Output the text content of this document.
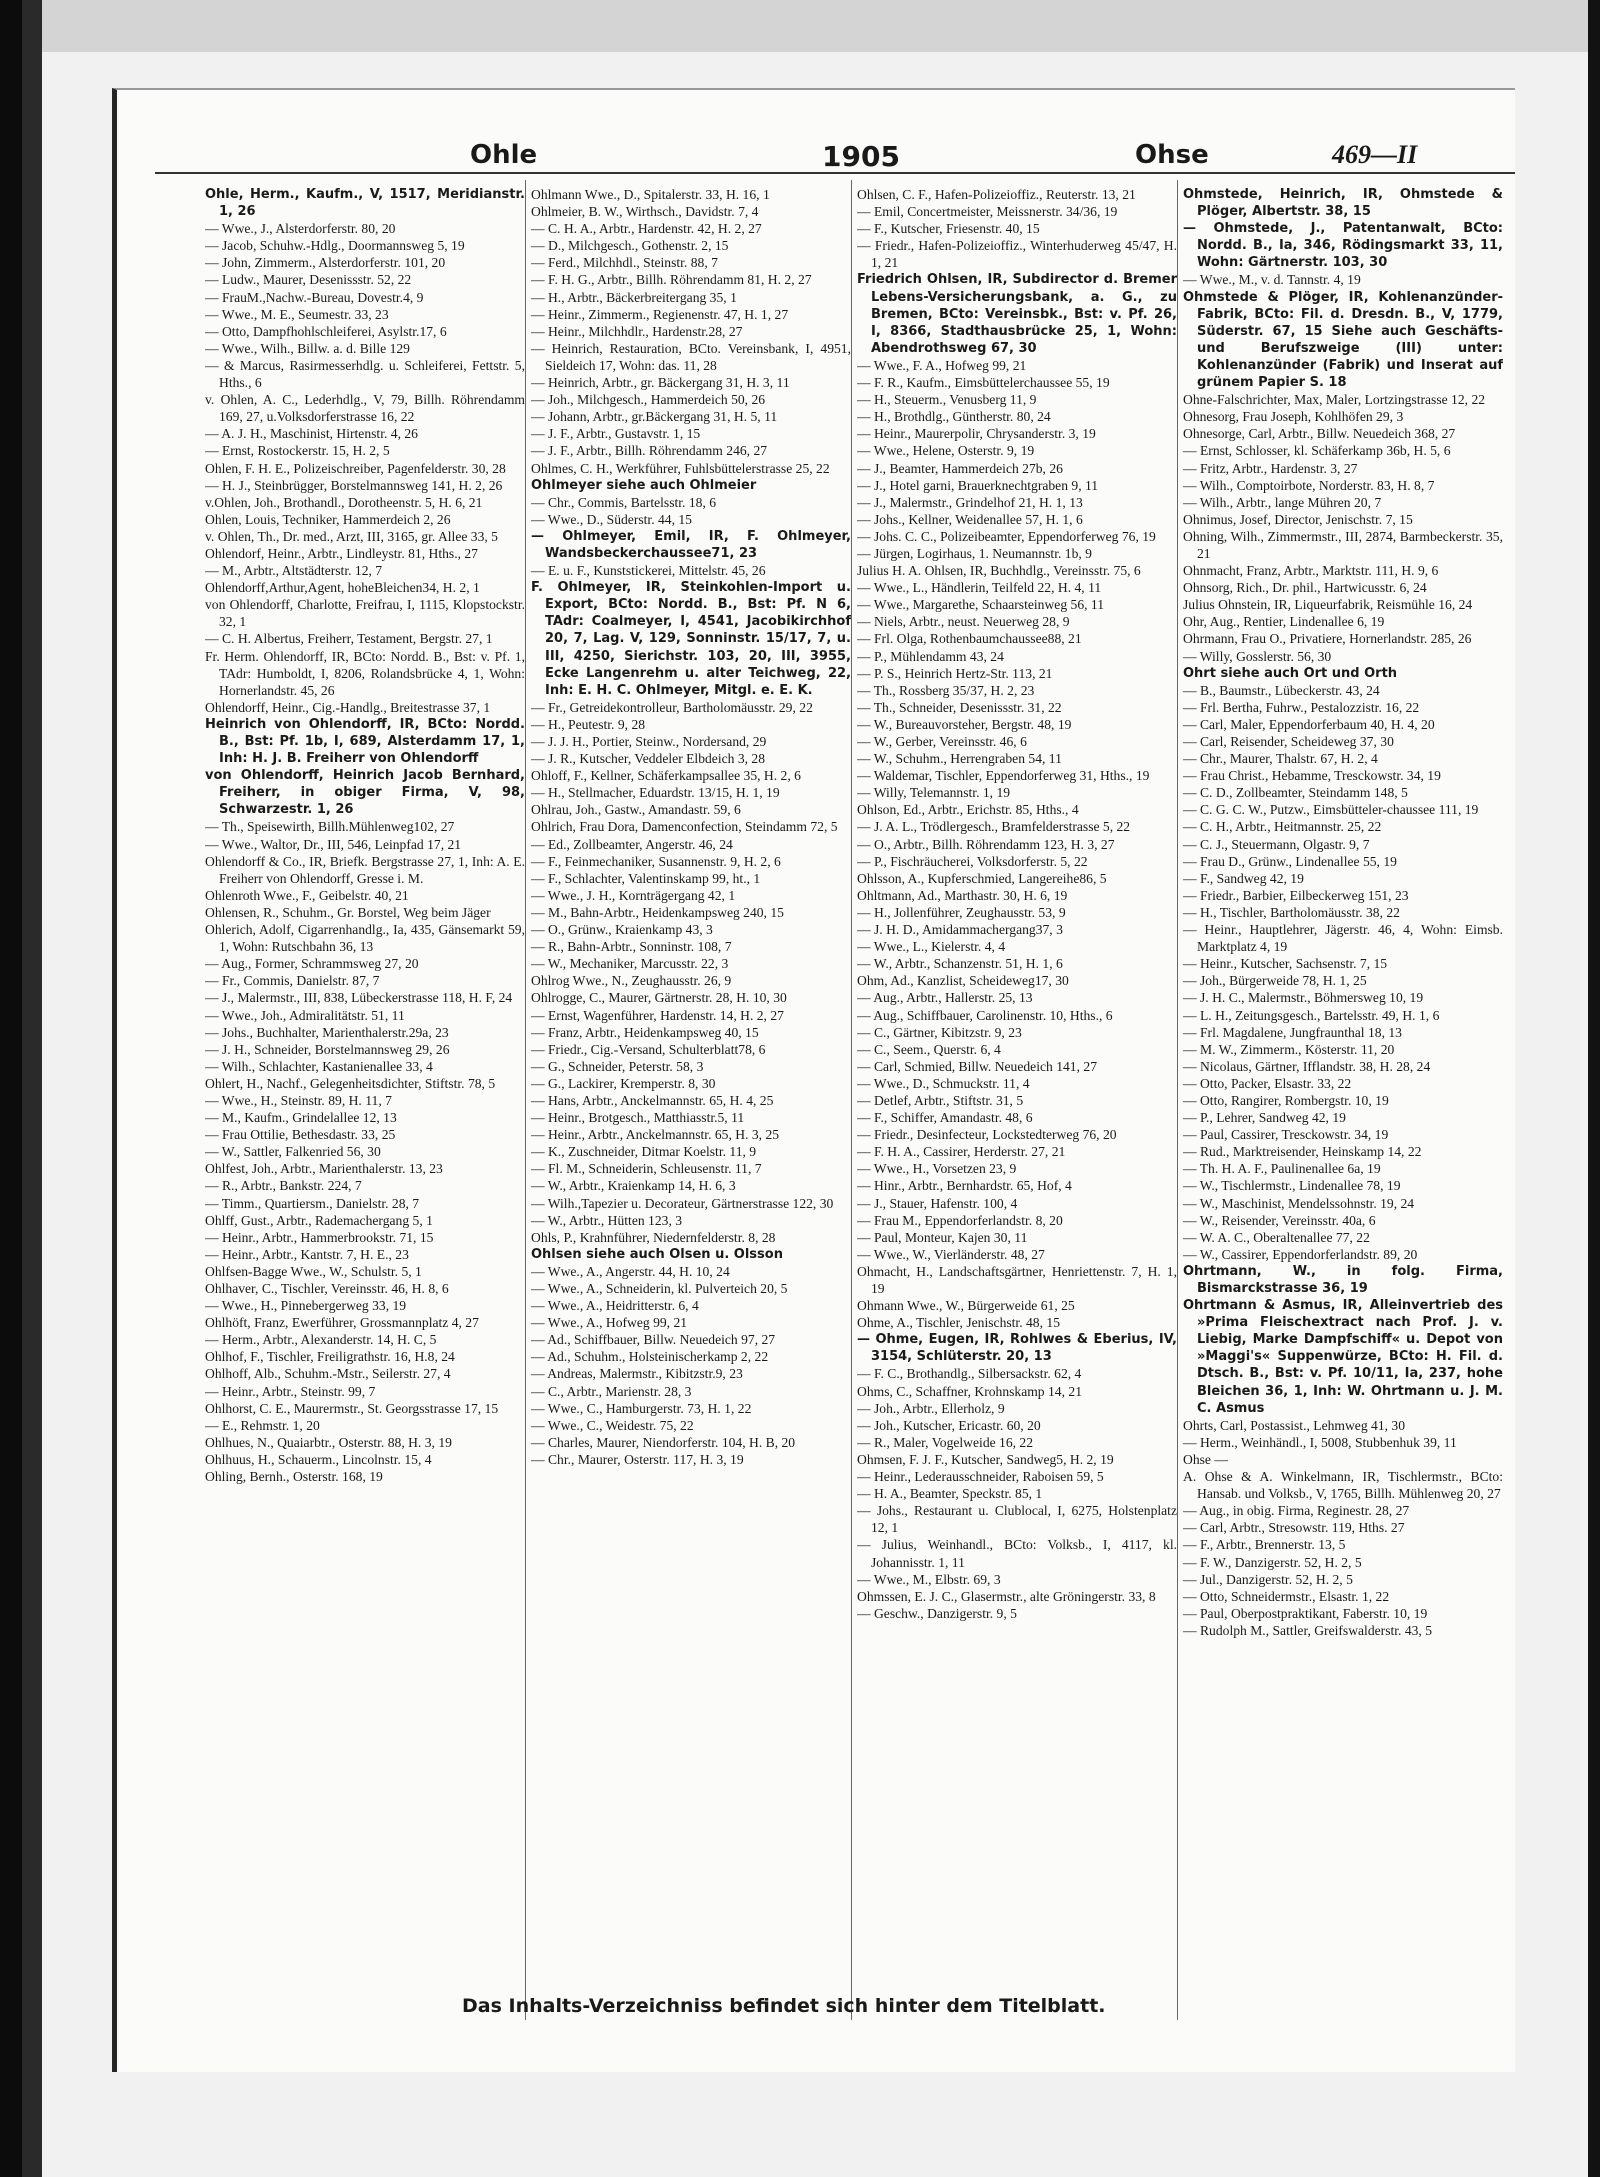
Ohle	1905	Ohse	469—II

Ohle, Herm., Kaufm., V, 1517, Meridianstr. 1, 26

— Wwe., J., Alsterdorferstr. 80, 20

— Jacob, Schuhw.-Hdlg., Doormannsweg 5, 19

— John, Zimmerm., Alsterdorferstr. 101, 20

— Ludw., Maurer, Desenissstr. 52, 22

— FrauM.,Nachw.-Bureau, Dovestr.4, 9

— Wwe., M. E., Seumestr. 33, 23

— Otto, Dampfhohlschleiferei, Asylstr.17, 6

— Wwe., Wilh., Billw. a. d. Bille 129

— & Marcus, Rasirmesserhdlg. u. Schleiferei, Fettstr. 5, Hths., 6

v. Ohlen, A. C., Lederhdlg., V, 79, Billh. Röhrendamm 169, 27, u.Volksdorferstrasse 16, 22

— A. J. H., Maschinist, Hirtenstr. 4, 26

— Ernst, Rostockerstr. 15, H. 2, 5

Ohlen, F. H. E., Polizeischreiber, Pagenfelderstr. 30, 28

— H. J., Steinbrügger, Borstelmannsweg 141, H. 2, 26

v.Ohlen, Joh., Brothandl., Dorotheenstr. 5, H. 6, 21

Ohlen, Louis, Techniker, Hammerdeich 2, 26

v. Ohlen, Th., Dr. med., Arzt, III, 3165, gr. Allee 33, 5

Ohlendorf, Heinr., Arbtr., Lindleystr. 81, Hths., 27

— M., Arbtr., Altstädterstr. 12, 7

Ohlendorff,Arthur,Agent, hoheBleichen34, H. 2, 1

von Ohlendorff, Charlotte, Freifrau, I, 1115, Klopstockstr. 32, 1

— C. H. Albertus, Freiherr, Testament, Bergstr. 27, 1

Fr. Herm. Ohlendorff, IR, BCto: Nordd. B., Bst: v. Pf. 1, TAdr: Humboldt, I, 8206, Rolandsbrücke 4, 1, Wohn: Hornerlandstr. 45, 26

Ohlendorff, Heinr., Cig.-Handlg., Breitestrasse 37, 1

Heinrich von Ohlendorff, IR, BCto: Nordd. B., Bst: Pf. 1b, I, 689, Alsterdamm 17, 1, Inh: H. J. B. Freiherr von Ohlendorff

von Ohlendorff, Heinrich Jacob Bernhard, Freiherr, in obiger Firma, V, 98, Schwarzestr. 1, 26

— Th., Speisewirth, Billh.Mühlenweg102, 27

— Wwe., Waltor, Dr., III, 546, Leinpfad 17, 21

Ohlendorff & Co., IR, Briefk. Bergstrasse 27, 1, Inh: A. E. Freiherr von Ohlendorff, Gresse i. M.

Ohlenroth Wwe., F., Geibelstr. 40, 21

Ohlensen, R., Schuhm., Gr. Borstel, Weg beim Jäger

Ohlerich, Adolf, Cigarrenhandlg., Ia, 435, Gänsemarkt 59, 1, Wohn: Rutschbahn 36, 13

— Aug., Former, Schrammsweg 27, 20

— Fr., Commis, Danielstr. 87, 7

— J., Malermstr., III, 838, Lübeckerstrasse 118, H. F, 24

— Wwe., Joh., Admiralitätstr. 51, 11

— Johs., Buchhalter, Marienthalerstr.29a, 23

— J. H., Schneider, Borstelmannsweg 29, 26

— Wilh., Schlachter, Kastanienallee 33, 4

Ohlert, H., Nachf., Gelegenheitsdichter, Stiftstr. 78, 5

— Wwe., H., Steinstr. 89, H. 11, 7

— M., Kaufm., Grindelallee 12, 13

— Frau Ottilie, Bethesdastr. 33, 25

— W., Sattler, Falkenried 56, 30

Ohlfest, Joh., Arbtr., Marienthalerstr. 13, 23

— R., Arbtr., Bankstr. 224, 7

— Timm., Quartiersm., Danielstr. 28, 7

Ohlff, Gust., Arbtr., Rademachergang 5, 1

— Heinr., Arbtr., Hammerbrookstr. 71, 15

— Heinr., Arbtr., Kantstr. 7, H. E., 23

Ohlfsen-Bagge Wwe., W., Schulstr. 5, 1

Ohlhaver, C., Tischler, Vereinsstr. 46, H. 8, 6

— Wwe., H., Pinnebergerweg 33, 19

Ohlhöft, Franz, Ewerführer, Grossmannplatz 4, 27

— Herm., Arbtr., Alexanderstr. 14, H. C, 5

Ohlhof, F., Tischler, Freiligrathstr. 16, H.8, 24

Ohlhoff, Alb., Schuhm.-Mstr., Seilerstr. 27, 4

— Heinr., Arbtr., Steinstr. 99, 7

Ohlhorst, C. E., Maurermstr., St. Georgsstrasse 17, 15

— E., Rehmstr. 1, 20

Ohlhues, N., Quaiarbtr., Osterstr. 88, H. 3, 19

Ohlhuus, H., Schauerm., Lincolnstr. 15, 4

Ohling, Bernh., Osterstr. 168, 19

Ohlmann Wwe., D., Spitalerstr. 33, H. 16, 1

Ohlmeier, B. W., Wirthsch., Davidstr. 7, 4

— C. H. A., Arbtr., Hardenstr. 42, H. 2, 27

— D., Milchgesch., Gothenstr. 2, 15

— Ferd., Milchhdl., Steinstr. 88, 7

— F. H. G., Arbtr., Billh. Röhrendamm 81, H. 2, 27

— H., Arbtr., Bäckerbreitergang 35, 1

— Heinr., Zimmerm., Regienenstr. 47, H. 1, 27

— Heinr., Milchhdlr., Hardenstr.28, 27

— Heinrich, Restauration, BCto. Vereinsbank, I, 4951, Sieldeich 17, Wohn: das. 11, 28

— Heinrich, Arbtr., gr. Bäckergang 31, H. 3, 11

— Joh., Milchgesch., Hammerdeich 50, 26

— Johann, Arbtr., gr.Bäckergang 31, H. 5, 11

— J. F., Arbtr., Gustavstr. 1, 15

— J. F., Arbtr., Billh. Röhrendamm 246, 27

Ohlmes, C. H., Werkführer, Fuhlsbüttelerstrasse 25, 22

Ohlmeyer siehe auch Ohlmeier

— Chr., Commis, Bartelsstr. 18, 6

— Wwe., D., Süderstr. 44, 15

— Ohlmeyer, Emil, IR, F. Ohlmeyer, Wandsbeckerchaussee71, 23

— E. u. F., Kunststickerei, Mittelstr. 45, 26

F. Ohlmeyer, IR, Steinkohlen-Import u. Export, BCto: Nordd. B., Bst: Pf. N 6, TAdr: Coalmeyer, I, 4541, Jacobikirchhof 20, 7, Lag. V, 129, Sonninstr. 15/17, 7, u. III, 4250, Sierichstr. 103, 20, III, 3955, Ecke Langenrehm u. alter Teichweg, 22, Inh: E. H. C. Ohlmeyer, Mitgl. e. E. K.

— Fr., Getreidekontrolleur, Bartholomäusstr. 29, 22

— H., Peutestr. 9, 28

— J. J. H., Portier, Steinw., Nordersand, 29

— J. R., Kutscher, Veddeler Elbdeich 3, 28

Ohloff, F., Kellner, Schäferkampsallee 35, H. 2, 6

— H., Stellmacher, Eduardstr. 13/15, H. 1, 19

Ohlrau, Joh., Gastw., Amandastr. 59, 6

Ohlrich, Frau Dora, Damenconfection, Steindamm 72, 5

— Ed., Zollbeamter, Angerstr. 46, 24

— F., Feinmechaniker, Susannenstr. 9, H. 2, 6

— F., Schlachter, Valentinskamp 99, ht., 1

— Wwe., J. H., Kornträgergang 42, 1

— M., Bahn-Arbtr., Heidenkampsweg 240, 15

— O., Grünw., Kraienkamp 43, 3

— R., Bahn-Arbtr., Sonninstr. 108, 7

— W., Mechaniker, Marcusstr. 22, 3

Ohlrog Wwe., N., Zeughausstr. 26, 9

Ohlrogge, C., Maurer, Gärtnerstr. 28, H. 10, 30

— Ernst, Wagenführer, Hardenstr. 14, H. 2, 27

— Franz, Arbtr., Heidenkampsweg 40, 15

— Friedr., Cig.-Versand, Schulterblatt78, 6

— G., Schneider, Peterstr. 58, 3

— G., Lackirer, Kremperstr. 8, 30

— Hans, Arbtr., Anckelmannstr. 65, H. 4, 25

— Heinr., Brotgesch., Matthiasstr.5, 11

— Heinr., Arbtr., Anckelmannstr. 65, H. 3, 25

— K., Zuschneider, Ditmar Koelstr. 11, 9

— Fl. M., Schneiderin, Schleusenstr. 11, 7

— W., Arbtr., Kraienkamp 14, H. 6, 3

— Wilh.,Tapezier u. Decorateur, Gärtnerstrasse 122, 30

— W., Arbtr., Hütten 123, 3

Ohls, P., Krahnführer, Niedernfelderstr. 8, 28

Ohlsen siehe auch Olsen u. Olsson

— Wwe., A., Angerstr. 44, H. 10, 24

— Wwe., A., Schneiderin, kl. Pulverteich 20, 5

— Wwe., A., Heidritterstr. 6, 4

— Wwe., A., Hofweg 99, 21

— Ad., Schiffbauer, Billw. Neuedeich 97, 27

— Ad., Schuhm., Holsteinischerkamp 2, 22

— Andreas, Malermstr., Kibitzstr.9, 23

— C., Arbtr., Marienstr. 28, 3

— Wwe., C., Hamburgerstr. 73, H. 1, 22

— Wwe., C., Weidestr. 75, 22

— Charles, Maurer, Niendorferstr. 104, H. B, 20

— Chr., Maurer, Osterstr. 117, H. 3, 19

Ohlsen, C. F., Hafen-Polizeioffiz., Reuterstr. 13, 21

— Emil, Concertmeister, Meissnerstr. 34/36, 19

— F., Kutscher, Friesenstr. 40, 15

— Friedr., Hafen-Polizeioffiz., Winterhuderweg 45/47, H. 1, 21

Friedrich Ohlsen, IR, Subdirector d. Bremer Lebens-Versicherungsbank, a. G., zu Bremen, BCto: Vereinsbk., Bst: v. Pf. 26, I, 8366, Stadthausbrücke 25, 1, Wohn: Abendrothsweg 67, 30

— Wwe., F. A., Hofweg 99, 21

— F. R., Kaufm., Eimsbüttelerchaussee 55, 19

— H., Steuerm., Venusberg 11, 9

— H., Brothdlg., Güntherstr. 80, 24

— Heinr., Maurerpolir, Chrysanderstr. 3, 19

— Wwe., Helene, Osterstr. 9, 19

— J., Beamter, Hammerdeich 27b, 26

— J., Hotel garni, Brauerknechtgraben 9, 11

— J., Malermstr., Grindelhof 21, H. 1, 13

— Johs., Kellner, Weidenallee 57, H. 1, 6

— Johs. C. C., Polizeibeamter, Eppendorferweg 76, 19

— Jürgen, Logirhaus, 1. Neumannstr. 1b, 9

Julius H. A. Ohlsen, IR, Buchhdlg., Vereinsstr. 75, 6

— Wwe., L., Händlerin, Teilfeld 22, H. 4, 11

— Wwe., Margarethe, Schaarsteinweg 56, 11

— Niels, Arbtr., neust. Neuerweg 28, 9

— Frl. Olga, Rothenbaumchaussee88, 21

— P., Mühlendamm 43, 24

— P. S., Heinrich Hertz-Str. 113, 21

— Th., Rossberg 35/37, H. 2, 23

— Th., Schneider, Desenissstr. 31, 22

— W., Bureauvorsteher, Bergstr. 48, 19

— W., Gerber, Vereinsstr. 46, 6

— W., Schuhm., Herrengraben 54, 11

— Waldemar, Tischler, Eppendorferweg 31, Hths., 19

— Willy, Telemannstr. 1, 19

Ohlson, Ed., Arbtr., Erichstr. 85, Hths., 4

— J. A. L., Trödlergesch., Bramfelderstrasse 5, 22

— O., Arbtr., Billh. Röhrendamm 123, H. 3, 27

— P., Fischräucherei, Volksdorferstr. 5, 22

Ohlsson, A., Kupferschmied, Langereihe86, 5

Ohltmann, Ad., Marthastr. 30, H. 6, 19

— H., Jollenführer, Zeughausstr. 53, 9

— J. H. D., Amidammachergang37, 3

— Wwe., L., Kielerstr. 4, 4

— W., Arbtr., Schanzenstr. 51, H. 1, 6

Ohm, Ad., Kanzlist, Scheideweg17, 30

— Aug., Arbtr., Hallerstr. 25, 13

— Aug., Schiffbauer, Carolinenstr. 10, Hths., 6

— C., Gärtner, Kibitzstr. 9, 23

— C., Seem., Querstr. 6, 4

— Carl, Schmied, Billw. Neuedeich 141, 27

— Wwe., D., Schmuckstr. 11, 4

— Detlef, Arbtr., Stiftstr. 31, 5

— F., Schiffer, Amandastr. 48, 6

— Friedr., Desinfecteur, Lockstedterweg 76, 20

— F. H. A., Cassirer, Herderstr. 27, 21

— Wwe., H., Vorsetzen 23, 9

— Hinr., Arbtr., Bernhardstr. 65, Hof, 4

— J., Stauer, Hafenstr. 100, 4

— Frau M., Eppendorferlandstr. 8, 20

— Paul, Monteur, Kajen 30, 11

— Wwe., W., Vierländerstr. 48, 27

Ohmacht, H., Landschaftsgärtner, Henriettenstr. 7, H. 1, 19

Ohmann Wwe., W., Bürgerweide 61, 25

Ohme, A., Tischler, Jenischstr. 48, 15

— Ohme, Eugen, IR, Rohlwes & Eberius, IV, 3154, Schlüterstr. 20, 13

— F. C., Brothandlg., Silbersackstr. 62, 4

Ohms, C., Schaffner, Krohnskamp 14, 21

— Joh., Arbtr., Ellerholz, 9

— Joh., Kutscher, Ericastr. 60, 20

— R., Maler, Vogelweide 16, 22

Ohmsen, F. J. F., Kutscher, Sandweg5, H. 2, 19

— Heinr., Lederausschneider, Raboisen 59, 5

— H. A., Beamter, Speckstr. 85, 1

— Johs., Restaurant u. Clublocal, I, 6275, Holstenplatz 12, 1

— Julius, Weinhandl., BCto: Volksb., I, 4117, kl. Johannisstr. 1, 11

— Wwe., M., Elbstr. 69, 3

Ohmssen, E. J. C., Glasermstr., alte Gröningerstr. 33, 8

— Geschw., Danzigerstr. 9, 5

Ohmstede, Heinrich, IR, Ohmstede & Plöger, Albertstr. 38, 15

— Ohmstede, J., Patentanwalt, BCto: Nordd. B., Ia, 346, Rödingsmarkt 33, 11, Wohn: Gärtnerstr. 103, 30

— Wwe., M., v. d. Tannstr. 4, 19

Ohmstede & Plöger, IR, Kohlenanzünder-Fabrik, BCto: Fil. d. Dresdn. B., V, 1779, Süderstr. 67, 15 Siehe auch Geschäfts- und Berufszweige (III) unter: Kohlenanzünder (Fabrik) und Inserat auf grünem Papier S. 18

Ohne-Falschrichter, Max, Maler, Lortzingstrasse 12, 22

Ohnesorg, Frau Joseph, Kohlhöfen 29, 3

Ohnesorge, Carl, Arbtr., Billw. Neuedeich 368, 27

— Ernst, Schlosser, kl. Schäferkamp 36b, H. 5, 6

— Fritz, Arbtr., Hardenstr. 3, 27

— Wilh., Comptoirbote, Norderstr. 83, H. 8, 7

— Wilh., Arbtr., lange Mühren 20, 7

Ohnimus, Josef, Director, Jenischstr. 7, 15

Ohning, Wilh., Zimmermstr., III, 2874, Barmbeckerstr. 35, 21

Ohnmacht, Franz, Arbtr., Marktstr. 111, H. 9, 6

Ohnsorg, Rich., Dr. phil., Hartwicusstr. 6, 24

Julius Ohnstein, IR, Liqueurfabrik, Reismühle 16, 24

Ohr, Aug., Rentier, Lindenallee 6, 19

Ohrmann, Frau O., Privatiere, Hornerlandstr. 285, 26

— Willy, Gosslerstr. 56, 30

Ohrt siehe auch Ort und Orth

— B., Baumstr., Lübeckerstr. 43, 24

— Frl. Bertha, Fuhrw., Pestalozzistr. 16, 22

— Carl, Maler, Eppendorferbaum 40, H. 4, 20

— Carl, Reisender, Scheideweg 37, 30

— Chr., Maurer, Thalstr. 67, H. 2, 4

— Frau Christ., Hebamme, Tresckowstr. 34, 19

— C. D., Zollbeamter, Steindamm 148, 5

— C. G. C. W., Putzw., Eimsbütteler-chaussee 111, 19

— C. H., Arbtr., Heitmannstr. 25, 22

— C. J., Steuermann, Olgastr. 9, 7

— Frau D., Grünw., Lindenallee 55, 19

— F., Sandweg 42, 19

— Friedr., Barbier, Eilbeckerweg 151, 23

— H., Tischler, Bartholomäusstr. 38, 22

— Heinr., Hauptlehrer, Jägerstr. 46, 4, Wohn: Eimsb. Marktplatz 4, 19

— Heinr., Kutscher, Sachsenstr. 7, 15

— Joh., Bürgerweide 78, H. 1, 25

— J. H. C., Malermstr., Böhmersweg 10, 19

— L. H., Zeitungsgesch., Bartelsstr. 49, H. 1, 6

— Frl. Magdalene, Jungfraunthal 18, 13

— M. W., Zimmerm., Kösterstr. 11, 20

— Nicolaus, Gärtner, Ifflandstr. 38, H. 28, 24

— Otto, Packer, Elsastr. 33, 22

— Otto, Rangirer, Rombergstr. 10, 19

— P., Lehrer, Sandweg 42, 19

— Paul, Cassirer, Tresckowstr. 34, 19

— Rud., Marktreisender, Heinskamp 14, 22

— Th. H. A. F., Paulinenallee 6a, 19

— W., Tischlermstr., Lindenallee 78, 19

— W., Maschinist, Mendelssohnstr. 19, 24

— W., Reisender, Vereinsstr. 40a, 6

— W. A. C., Oberaltenallee 77, 22

— W., Cassirer, Eppendorferlandstr. 89, 20

Ohrtmann, W., in folg. Firma, Bismarckstrasse 36, 19

Ohrtmann & Asmus, IR, Alleinvertrieb des »Prima Fleischextract nach Prof. J. v. Liebig, Marke Dampfschiff« u. Depot von »Maggi's« Suppenwürze, BCto: H. Fil. d. Dtsch. B., Bst: v. Pf. 10/11, Ia, 237, hohe Bleichen 36, 1, Inh: W. Ohrtmann u. J. M. C. Asmus

Ohrts, Carl, Postassist., Lehmweg 41, 30

— Herm., Weinhändl., I, 5008, Stubbenhuk 39, 11

Ohse —

A. Ohse & A. Winkelmann, IR, Tischlermstr., BCto: Hansab. und Volksb., V, 1765, Billh. Mühlenweg 20, 27

— Aug., in obig. Firma, Reginestr. 28, 27

— Carl, Arbtr., Stresowstr. 119, Hths. 27

— F., Arbtr., Brennerstr. 13, 5

— F. W., Danzigerstr. 52, H. 2, 5

— Jul., Danzigerstr. 52, H. 2, 5

— Otto, Schneidermstr., Elsastr. 1, 22

— Paul, Oberpostpraktikant, Faberstr. 10, 19

— Rudolph M., Sattler, Greifswalderstr. 43, 5

Das Inhalts-Verzeichniss befindet sich hinter dem Titelblatt.
